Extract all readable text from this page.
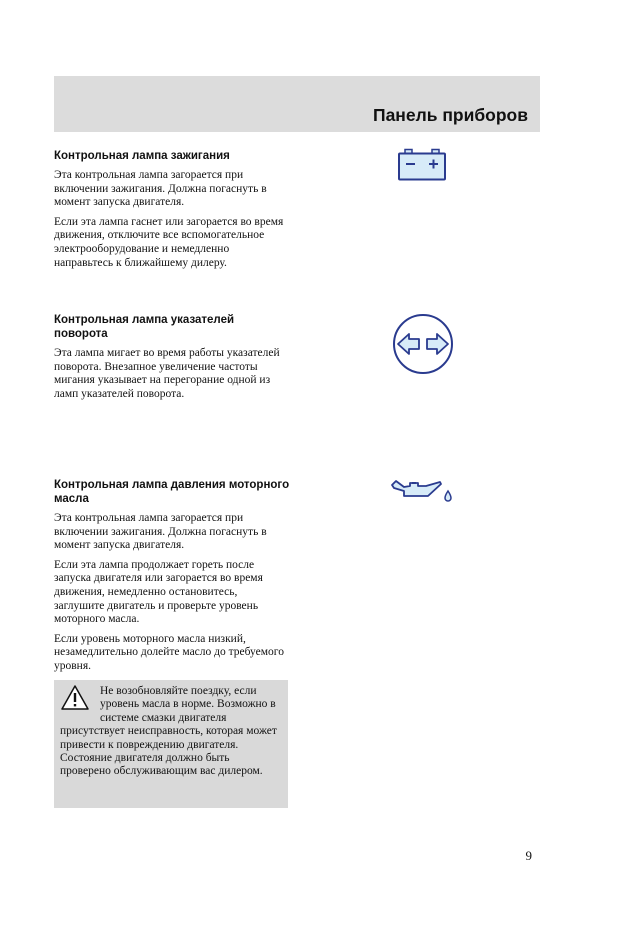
Панель приборов
Контрольная лампа зажигания

Эта контрольная лампа загорается при включении зажигания. Должна погаснуть в момент запуска двигателя.

Если эта лампа гаснет или загорается во время движения, отключите все вспомогательное электрооборудование и немедленно направьтесь к ближайшему дилеру.

Контрольная лампа указателей поворота

Эта лампа мигает во время работы указателей поворота. Внезапное увеличение частоты мигания указывает на перегорание одной из ламп указателей поворота.

Контрольная лампа давления моторного масла

Эта контрольная лампа загорается при включении зажигания. Должна погаснуть в момент запуска двигателя.

Если эта лампа продолжает гореть после запуска двигателя или загорается во время движения, немедленно остановитесь, заглушите двигатель и проверьте уровень моторного масла.

Если уровень моторного масла низкий, незамедлительно долейте масло до требуемого уровня.

Не возобновляйте поездку, если уровень масла в норме. Возможно в системе смазки двигателя присутствует неисправность, которая может привести к повреждению двигателя. Состояние двигателя должно быть проверено обслуживающим вас дилером.
9
